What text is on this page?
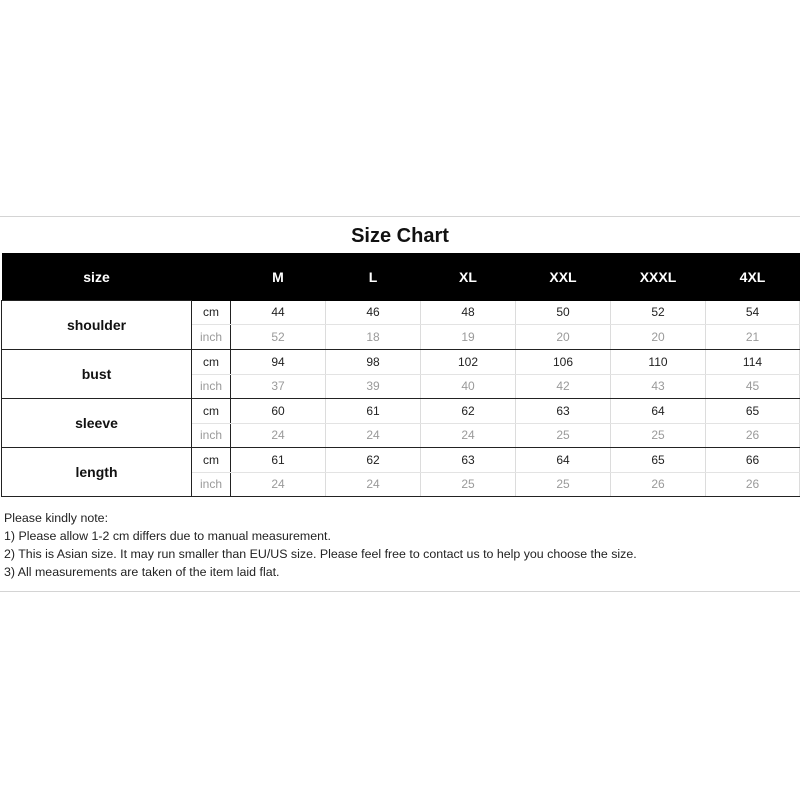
Size Chart
size		M	L	XL	XXL	XXXL	4XL
shoulder	cm	44	46	48	50	52	54
	inch	52	18	19	20	20	21
bust	cm	94	98	102	106	110	114
	inch	37	39	40	42	43	45
sleeve	cm	60	61	62	63	64	65
	inch	24	24	24	25	25	26
length	cm	61	62	63	64	65	66
	inch	24	24	25	25	26	26
Please kindly note:
1) Please allow 1-2 cm differs due to manual measurement.
2) This is Asian size. It may run smaller than EU/US size. Please feel free to contact us to help you choose the size.
3) All measurements are taken of the item laid flat.
